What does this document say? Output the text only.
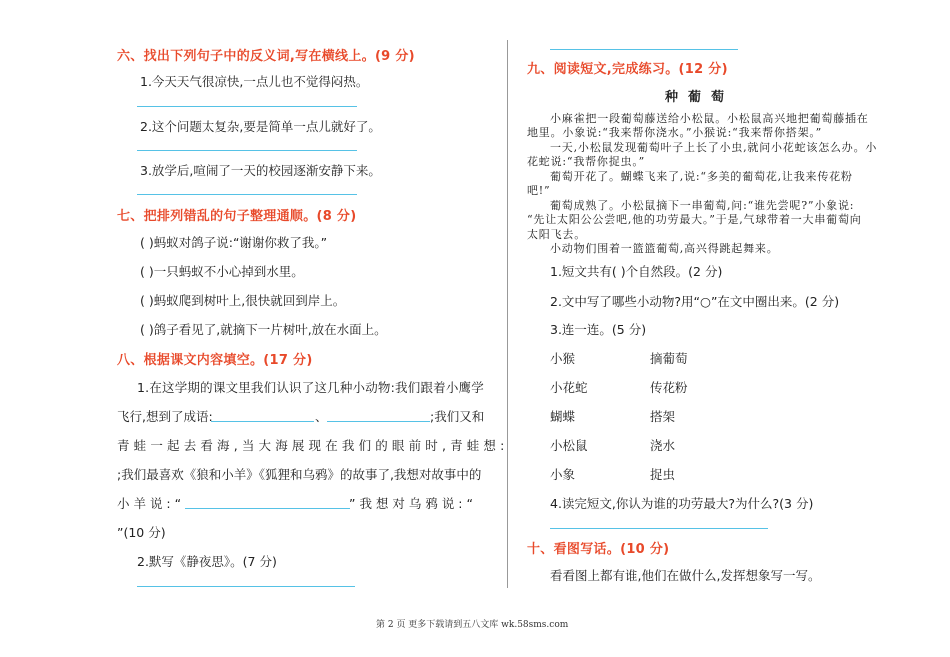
六、找出下列句子中的反义词,写在横线上。(9 分)
1.今天天气很凉快,一点儿也不觉得闷热。
2.这个问题太复杂,要是简单一点儿就好了。
3.放学后,喧闹了一天的校园逐渐安静下来。
七、把排列错乱的句子整理通顺。(8 分)
( )蚂蚁对鸽子说:“谢谢你救了我。”
( )一只蚂蚁不小心掉到水里。
( )蚂蚁爬到树叶上,很快就回到岸上。
( )鸽子看见了,就摘下一片树叶,放在水面上。
八、根据课文内容填空。(17 分)
1.在这学期的课文里我们认识了这几种小动物:我们跟着小鹰学
飞行,想到了成语:	、	;我们又和
青 蛙 一 起 去 看 海 , 当 大 海 展 现 在 我 们 的 眼 前 时 , 青 蛙 想 :
;我们最喜欢《狼和小羊》《狐狸和乌鸦》的故事了,我想对故事中的
小 羊 说 : “	” 我 想 对 乌 鸦 说 : “
”(10 分)
2.默写《静夜思》。(7 分)
九、阅读短文,完成练习。(12 分)
种葡萄
小麻雀把一段葡萄藤送给小松鼠。小松鼠高兴地把葡萄藤插在
地里。小象说:“我来帮你浇水。”小猴说:“我来帮你搭架。”
一天,小松鼠发现葡萄叶子上长了小虫,就问小花蛇该怎么办。小
花蛇说:“我帮你捉虫。”
葡萄开花了。蝴蝶飞来了,说:“多美的葡萄花,让我来传花粉
吧!”
葡萄成熟了。小松鼠摘下一串葡萄,问:“谁先尝呢?”小象说:
“先让太阳公公尝吧,他的功劳最大。”于是,气球带着一大串葡萄向
太阳飞去。
小动物们围着一篮篮葡萄,高兴得跳起舞来。
1.短文共有( )个自然段。(2 分)
2.文中写了哪些小动物?用“○”在文中圈出来。(2 分)
3.连一连。(5 分)
小猴	摘葡萄
小花蛇	传花粉
蝴蝶	搭架
小松鼠	浇水
小象	捉虫
4.读完短文,你认为谁的功劳最大?为什么?(3 分)
十、看图写话。(10 分)
看看图上都有谁,他们在做什么,发挥想象写一写。
第 2 页 更多下载请到五八文库 wk.58sms.com
